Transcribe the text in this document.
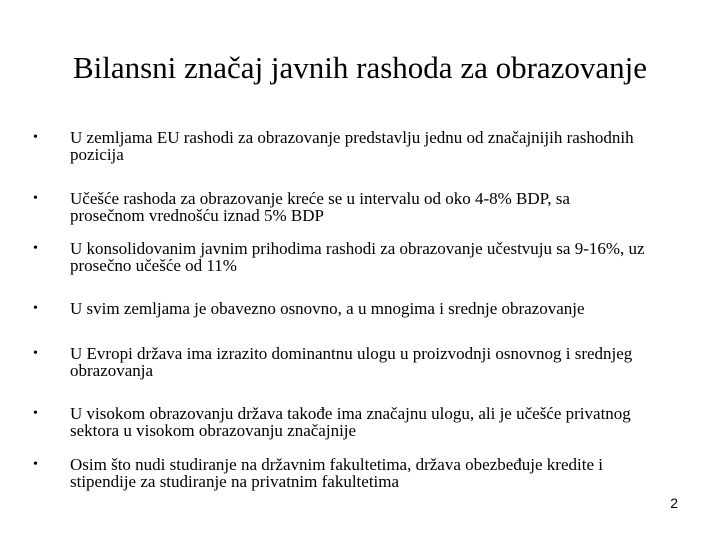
Bilansni značaj javnih rashoda za obrazovanje
• U zemljama EU rashodi za obrazovanje predstavlju jednu od značajnijih rashodnih
pozicija
• Učešće rashoda za obrazovanje kreće se u intervalu od oko 4-8% BDP, sa
prosečnom vrednošću iznad 5% BDP
• U konsolidovanim javnim prihodima rashodi za obrazovanje učestvuju sa 9-16%, uz
prosečno učešće od 11%
• U svim zemljama je obavezno osnovno, a u mnogima i srednje obrazovanje
• U Evropi država ima izrazito dominantnu ulogu u proizvodnji osnovnog i srednjeg
obrazovanja
• U visokom obrazovanju država takođe ima značajnu ulogu, ali je učešće privatnog
sektora u visokom obrazovanju značajnije
• Osim što nudi studiranje na državnim fakultetima, država obezbeđuje kredite i
stipendije za studiranje na privatnim fakultetima
2
